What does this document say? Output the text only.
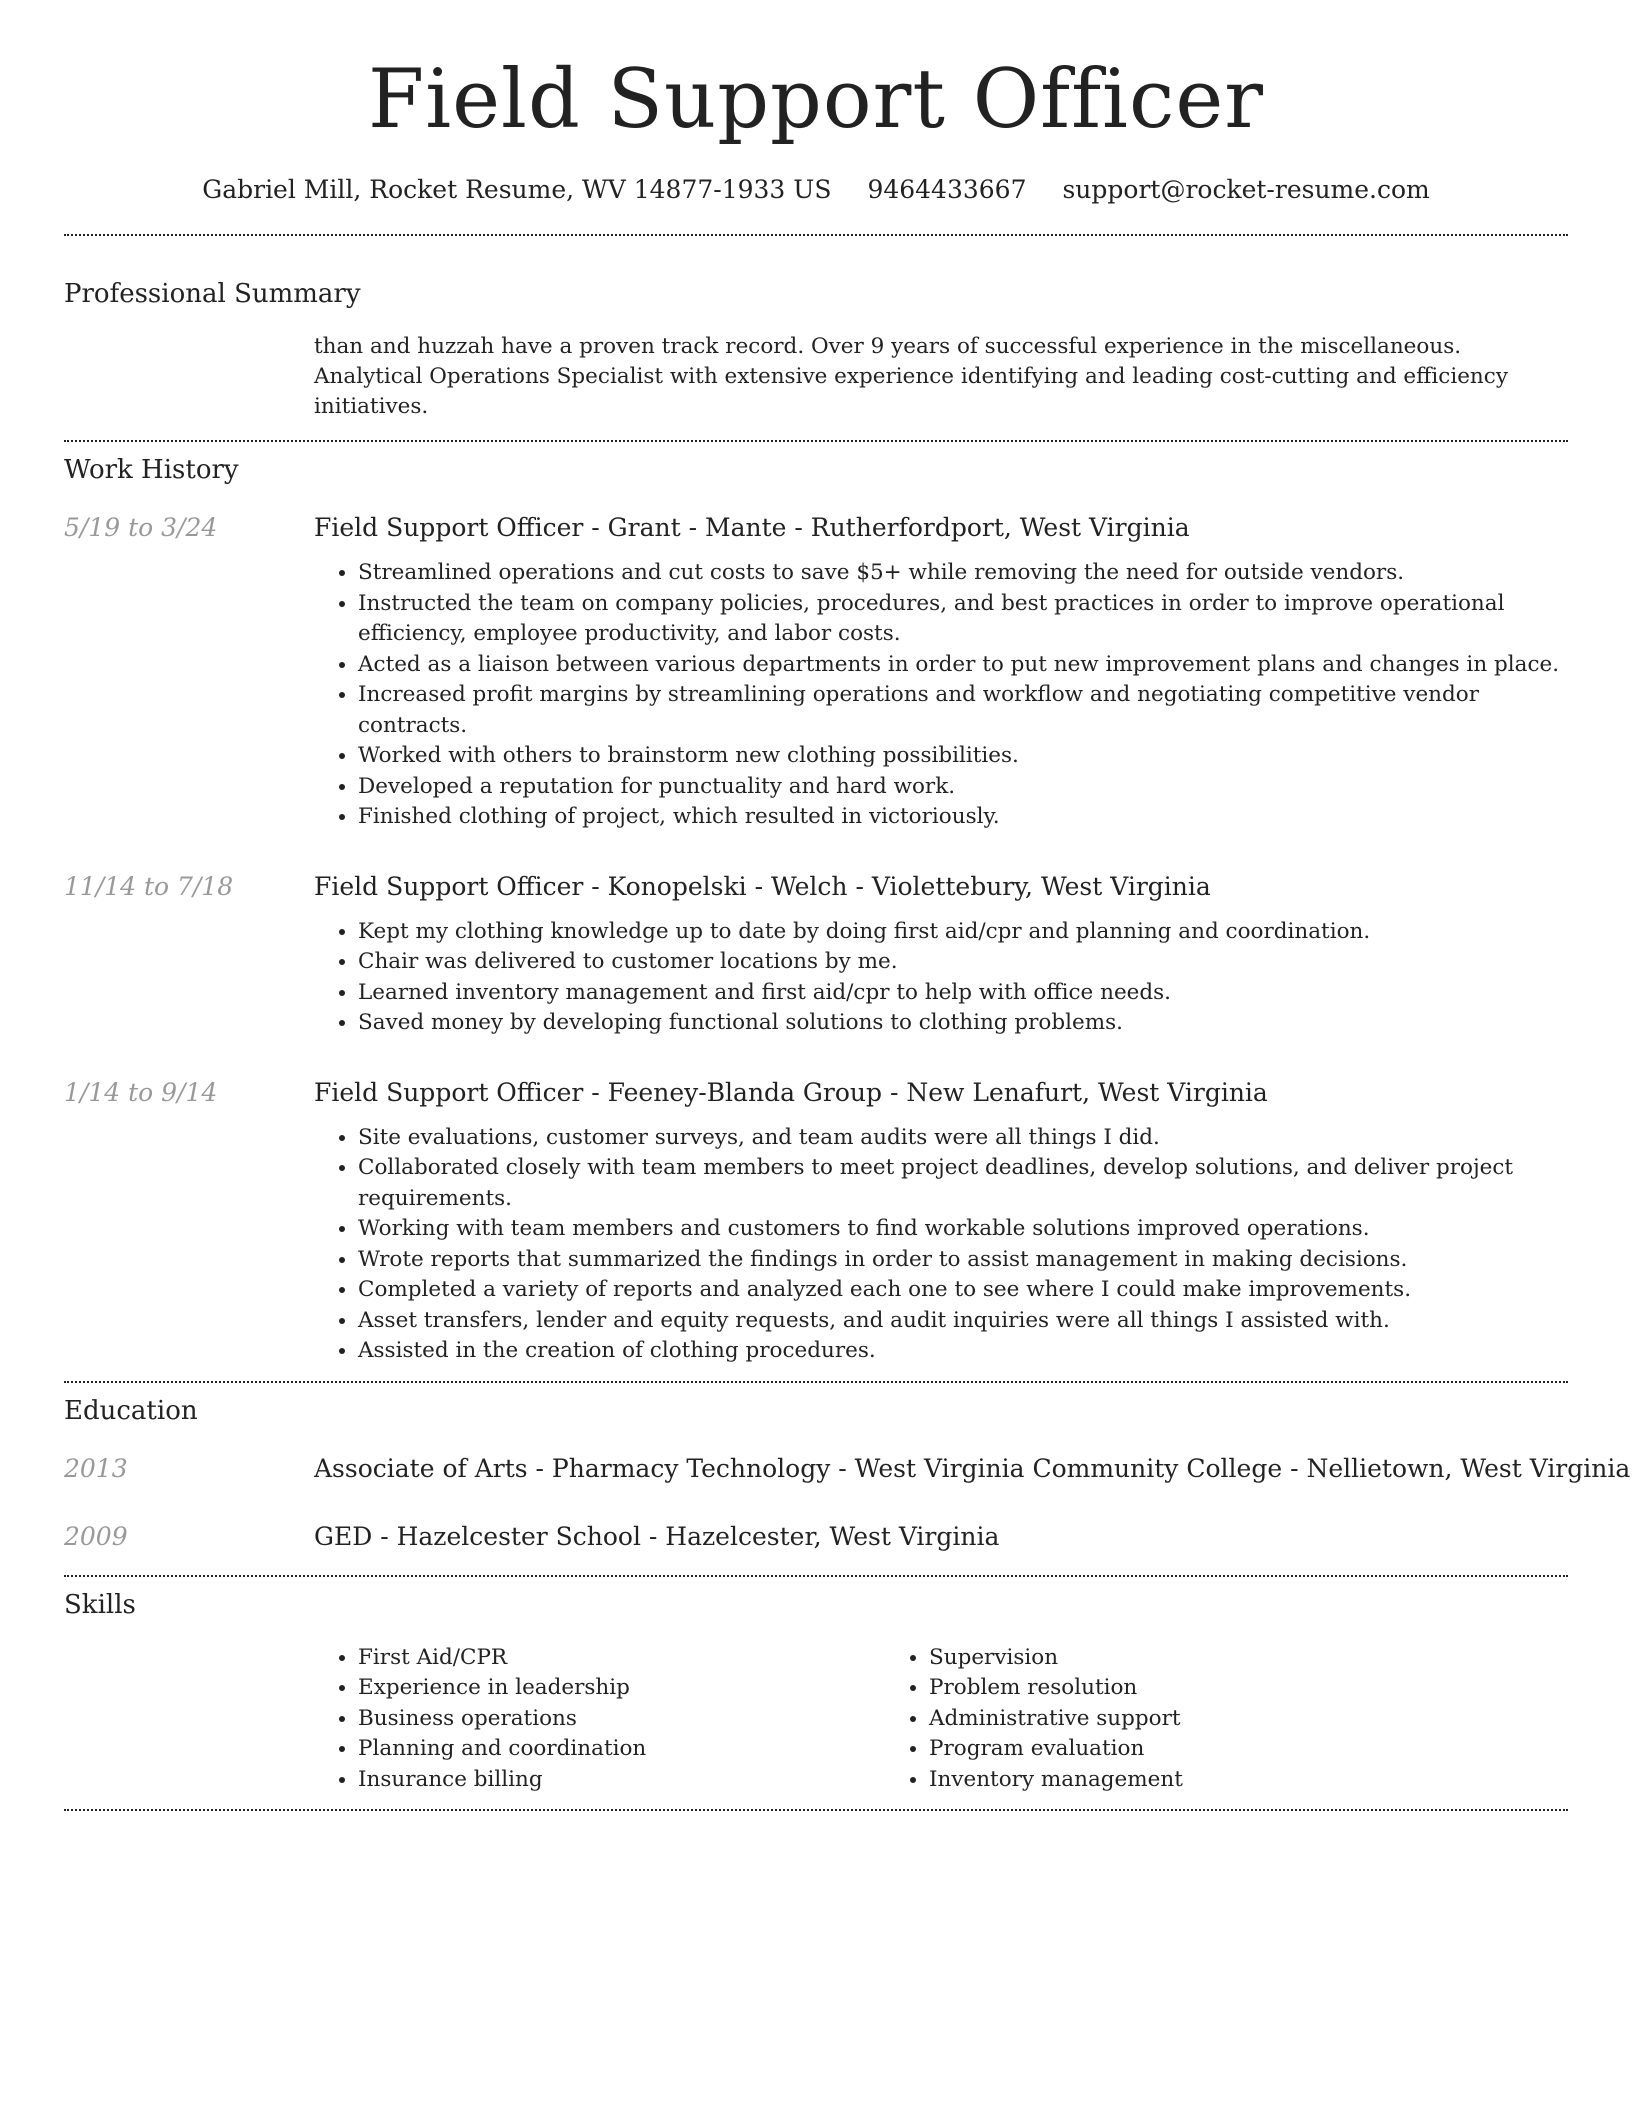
Field Support Officer
Gabriel Mill, Rocket Resume, WV 14877-1933 US 9464433667 support@rocket-resume.com
Professional Summary
than and huzzah have a proven track record. Over 9 years of successful experience in the miscellaneous. Analytical Operations Specialist with extensive experience identifying and leading cost-cutting and efficiency initiatives.
Work History
5/19 to 3/24	Field Support Officer - Grant - Mante - Rutherfordport, West Virginia
• Streamlined operations and cut costs to save $5+ while removing the need for outside vendors.
• Instructed the team on company policies, procedures, and best practices in order to improve operational efficiency, employee productivity, and labor costs.
• Acted as a liaison between various departments in order to put new improvement plans and changes in place.
• Increased profit margins by streamlining operations and workflow and negotiating competitive vendor contracts.
• Worked with others to brainstorm new clothing possibilities.
• Developed a reputation for punctuality and hard work.
• Finished clothing of project, which resulted in victoriously.
11/14 to 7/18	Field Support Officer - Konopelski - Welch - Violettebury, West Virginia
• Kept my clothing knowledge up to date by doing first aid/cpr and planning and coordination.
• Chair was delivered to customer locations by me.
• Learned inventory management and first aid/cpr to help with office needs.
• Saved money by developing functional solutions to clothing problems.
1/14 to 9/14	Field Support Officer - Feeney-Blanda Group - New Lenafurt, West Virginia
• Site evaluations, customer surveys, and team audits were all things I did.
• Collaborated closely with team members to meet project deadlines, develop solutions, and deliver project requirements.
• Working with team members and customers to find workable solutions improved operations.
• Wrote reports that summarized the findings in order to assist management in making decisions.
• Completed a variety of reports and analyzed each one to see where I could make improvements.
• Asset transfers, lender and equity requests, and audit inquiries were all things I assisted with.
• Assisted in the creation of clothing procedures.
Education
2013	Associate of Arts - Pharmacy Technology - West Virginia Community College - Nellietown, West Virginia
2009	GED - Hazelcester School - Hazelcester, West Virginia
Skills
• First Aid/CPR
• Experience in leadership
• Business operations
• Planning and coordination
• Insurance billing
• Supervision
• Problem resolution
• Administrative support
• Program evaluation
• Inventory management
